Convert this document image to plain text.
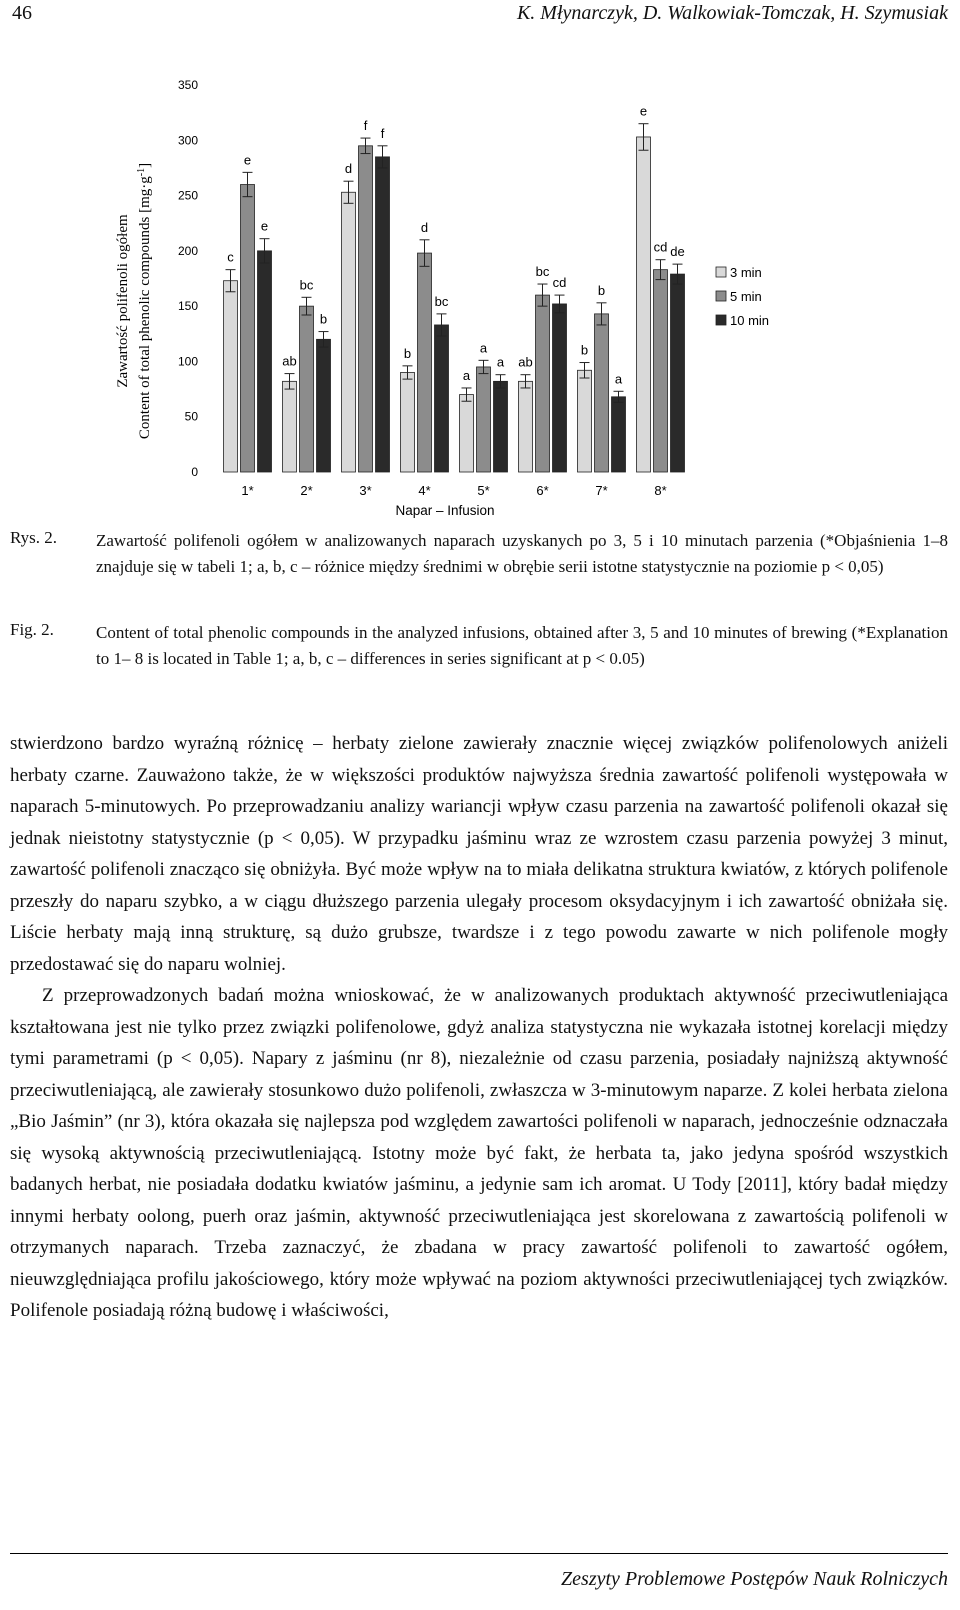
46	K. Młynarczyk, D. Walkowiak-Tomczak, H. Szymusiak
Zawartość polifenoli ogółem Content of total phenolic compounds $[mg\cdot g^{-1}]$
0
50
100
150
200
250
300
350
c
e
e
ab
bc
b
d
f
f
b
d
bc
a
a
a ab
bc
cd
b
b
a
e
cd de
1*	2*	3*	4*	5*	6*	7*	8*
Napar – Infusion
3 min
5 min
10 min
Rys. 2. Zawartość polifenoli ogółem w analizowanych naparach uzyskanych po 3, 5 i 10 minutach parzenia (*Objaśnienia 1–8 znajduje się w tabeli 1; a, b, c – różnice między średnimi w obrębie serii istotne statystycznie na poziomie p < 0,05)
Fig. 2. Content of total phenolic compounds in the analyzed infusions, obtained after 3, 5 and 10 minutes of brewing (*Explanation to 1– 8 is located in Table 1; a, b, c – differences in series significant at p < 0.05)

stwierdzono bardzo wyraźną różnicę – herbaty zielone zawierały znacznie więcej związków polifenolowych aniżeli herbaty czarne. Zauważono także, że w większości produktów najwyższa średnia zawartość polifenoli występowała w naparach 5-minutowych. Po przeprowadzaniu analizy wariancji wpływ czasu parzenia na zawartość polifenoli okazał się jednak nieistotny statystycznie (p < 0,05). W przypadku jaśminu wraz ze wzrostem czasu parzenia powyżej 3 minut, zawartość polifenoli znacząco się obniżyła. Być może wpływ na to miała delikatna struktura kwiatów, z których polifenole przeszły do naparu szybko, a w ciągu dłuższego parzenia ulegały procesom oksydacyjnym i ich zawartość obniżała się. Liście herbaty mają inną strukturę, są dużo grubsze, twardsze i z tego powodu zawarte w nich polifenole mogły przedostawać się do naparu wolniej.

Z przeprowadzonych badań można wnioskować, że w analizowanych produktach aktywność przeciwutleniająca kształtowana jest nie tylko przez związki polifenolowe, gdyż analiza statystyczna nie wykazała istotnej korelacji między tymi parametrami (p < 0,05). Napary z jaśminu (nr 8), niezależnie od czasu parzenia, posiadały najniższą aktywność przeciwutleniającą, ale zawierały stosunkowo dużo polifenoli, zwłaszcza w 3-minutowym naparze. Z kolei herbata zielona „Bio Jaśmin” (nr 3), która okazała się najlepsza pod względem zawartości polifenoli w naparach, jednocześnie odznaczała się wysoką aktywnością przeciwutleniającą. Istotny może być fakt, że herbata ta, jako jedyna spośród wszystkich badanych herbat, nie posiadała dodatku kwiatów jaśminu, a jedynie sam ich aromat. U Tody [2011], który badał między innymi herbaty oolong, puerh oraz jaśmin, aktywność przeciwutleniająca jest skorelowana z zawartością polifenoli w otrzymanych naparach. Trzeba zaznaczyć, że zbadana w pracy zawartość polifenoli to zawartość ogółem, nieuwzględniająca profilu jakościowego, który może wpływać na poziom aktywności przeciwutleniającej tych związków. Polifenole posiadają różną budowę i właściwości,

Zeszyty Problemowe Postępów Nauk Rolniczych
